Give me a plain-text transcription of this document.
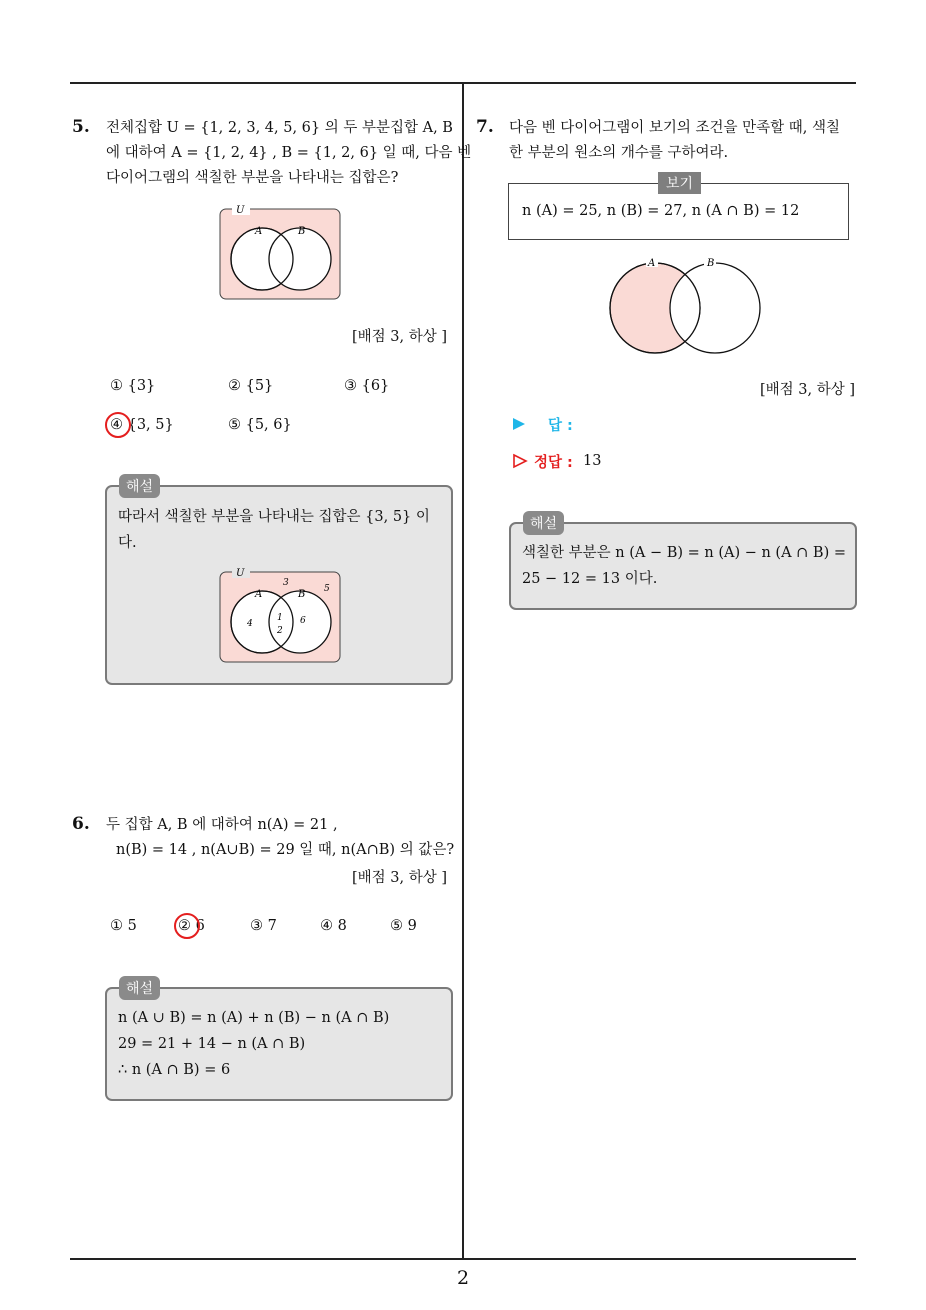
2
5. 전체집합 U = {1, 2, 3, 4, 5, 6} 의 두 부분집합 A, B
에 대하여 A = {1, 2, 4} , B = {1, 2, 6} 일 때, 다음 벤
다이어그램의 색칠한 부분을 나타내는 집합은?
U
A	B
[배점 3, 하상 ]
① {3}	② {5}	③ {6}
④ {3, 5}	⑤ {5, 6}
해설
따라서 색칠한 부분을 나타내는 집합은 {3, 5} 이
다.
U
A	B
3
5
4
1
2
6
6. 두 집합 A, B 에 대하여 n(A) = 21 ,
n(B) = 14 , n(A∪B) = 29 일 때, n(A∩B) 의 값은?
[배점 3, 하상 ]
① 5	② 6	③ 7	④ 8	⑤ 9
해설
n (A ∪ B) = n (A) + n (B) − n (A ∩ B)
29 = 21 + 14 − n (A ∩ B)
∴ n (A ∩ B) = 6
7. 다음 벤 다이어그램이 보기의 조건을 만족할 때, 색칠
한 부분의 원소의 개수를 구하여라.
보기
n (A) = 25, n (B) = 27, n (A ∩ B) = 12
A	B
[배점 3, 하상 ]
답 :
정답 : 13
해설
색칠한 부분은 n (A − B) = n (A) − n (A ∩ B) =
25 − 12 = 13 이다.
